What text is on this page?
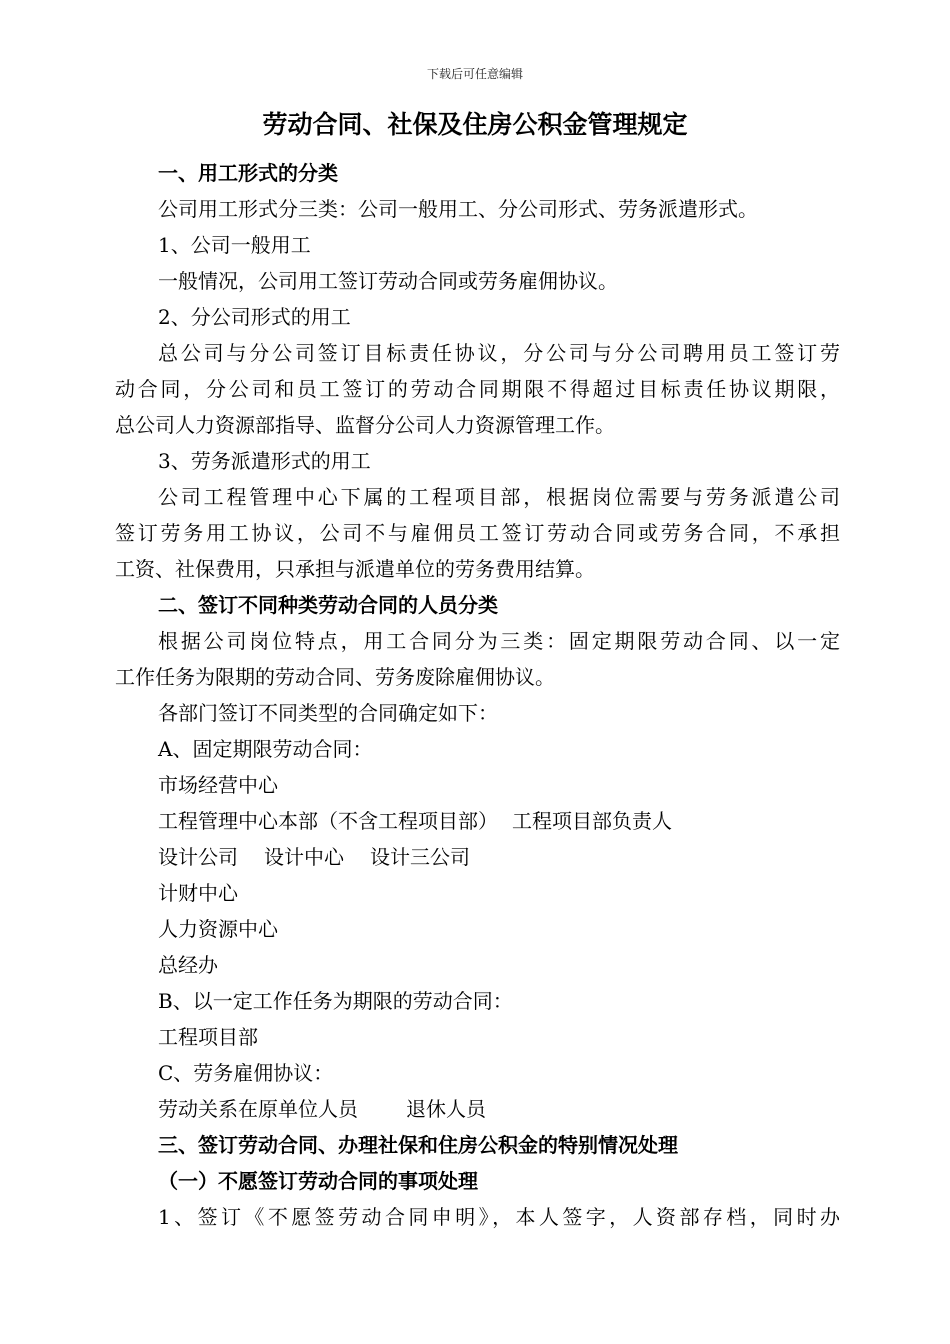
下载后可任意编辑
劳动合同、社保及住房公积金管理规定

一、用工形式的分类

公司用工形式分三类：公司一般用工、分公司形式、劳务派遣形式。

1、公司一般用工

一般情况，公司用工签订劳动合同或劳务雇佣协议。

2、分公司形式的用工

总公司与分公司签订目标责任协议，分公司与分公司聘用员工签订劳

动合同，分公司和员工签订的劳动合同期限不得超过目标责任协议期限，

总公司人力资源部指导、监督分公司人力资源管理工作。

3、劳务派遣形式的用工

公司工程管理中心下属的工程项目部，根据岗位需要与劳务派遣公司

签订劳务用工协议，公司不与雇佣员工签订劳动合同或劳务合同，不承担

工资、社保费用，只承担与派遣单位的劳务费用结算。

二、签订不同种类劳动合同的人员分类

根据公司岗位特点，用工合同分为三类：固定期限劳动合同、以一定

工作任务为限期的劳动合同、劳务废除雇佣协议。

各部门签订不同类型的合同确定如下：

A、固定期限劳动合同：

市场经营中心

工程管理中心本部（不含工程项目部） 工程项目部负责人

设计公司 设计中心 设计三公司

计财中心

人力资源中心

总经办

B、以一定工作任务为期限的劳动合同：

工程项目部

C、劳务雇佣协议：

劳动关系在原单位人员 退休人员

三、签订劳动合同、办理社保和住房公积金的特别情况处理

（一）不愿签订劳动合同的事项处理

1、签订《不愿签劳动合同申明》，本人签字，人资部存档，同时办
